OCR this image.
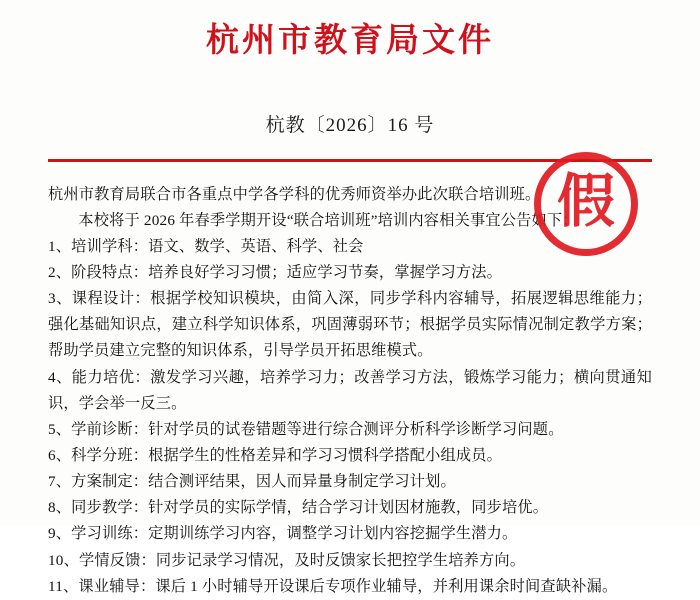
杭州市教育局文件
杭教〔2026〕16 号

杭州市教育局联合市各重点中学各学科的优秀师资举办此次联合培训班。

本校将于 2026 年春季学期开设“联合培训班”培训内容相关事宜公告如下：

1、培训学科：语文、数学、英语、科学、社会

2、阶段特点：培养良好学习习惯；适应学习节奏，掌握学习方法。

3、课程设计：根据学校知识模块，由简入深，同步学科内容辅导，拓展逻辑思维能力；强化基础知识点，建立科学知识体系，巩固薄弱环节；根据学员实际情况制定教学方案；帮助学员建立完整的知识体系，引导学员开拓思维模式。

4、能力培优：激发学习兴趣，培养学习力；改善学习方法，锻炼学习能力；横向贯通知识，学会举一反三。

5、学前诊断：针对学员的试卷错题等进行综合测评分析科学诊断学习问题。

6、科学分班：根据学生的性格差异和学习习惯科学搭配小组成员。

7、方案制定：结合测评结果，因人而异量身制定学习计划。

8、同步教学：针对学员的实际学情，结合学习计划因材施教，同步培优。

9、学习训练：定期训练学习内容，调整学习计划内容挖掘学生潜力。

10、学情反馈：同步记录学习情况，及时反馈家长把控学生培养方向。

11、课业辅导：课后 1 小时辅导开设课后专项作业辅导，并利用课余时间查缺补漏。

假
